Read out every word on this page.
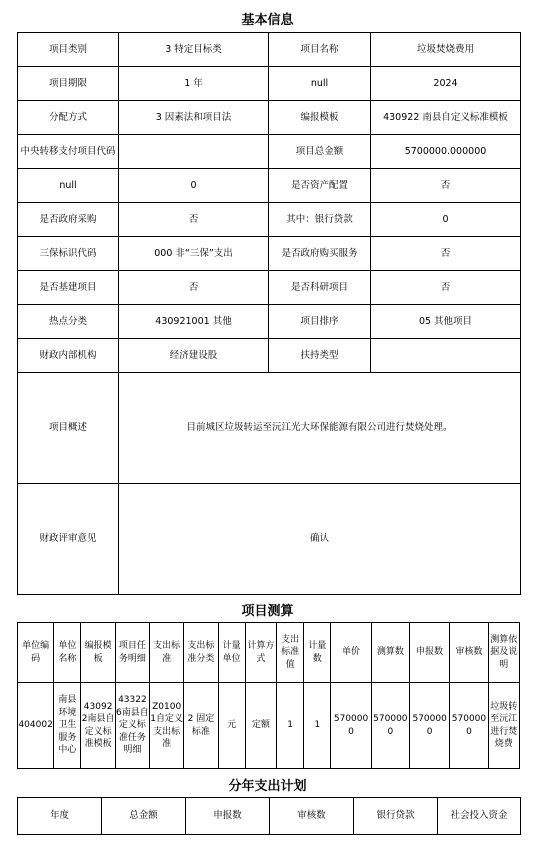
基本信息
项目类别	3 特定目标类	项目名称	垃圾焚烧费用
项目期限	1 年	null	2024
分配方式	3 因素法和项目法	编报模板	430922 南县自定义标准模板
中央转移支付项目代码		项目总金额	5700000.000000
null	0	是否资产配置	否
是否政府采购	否	其中：银行贷款	0
三保标识代码	000 非“三保”支出	是否政府购买服务	否
是否基建项目	否	是否科研项目	否
热点分类	430921001 其他	项目排序	05 其他项目
财政内部机构	经济建设股	扶持类型	
项目概述	目前城区垃圾转运至沅江光大环保能源有限公司进行焚烧处理。		
财政评审意见	确认		
项目测算
单位编码	单位名称	编报模板	项目任务明细	支出标准	支出标准分类	计量单位	计算方式	支出标准值	计量数	单价	测算数	申报数	审核数	测算依据及说明
404002	南县环境卫生服务中心	430922南县自定义标准模板	433226南县自定义标准任务明细	Z01001自定义支出标准	2 固定标准	元	定额	1	1	5700000	5700000	5700000	5700000	垃圾转至沅江进行焚烧费
分年支出计划
年度	总金额	申报数	审核数	银行贷款	社会投入资金
